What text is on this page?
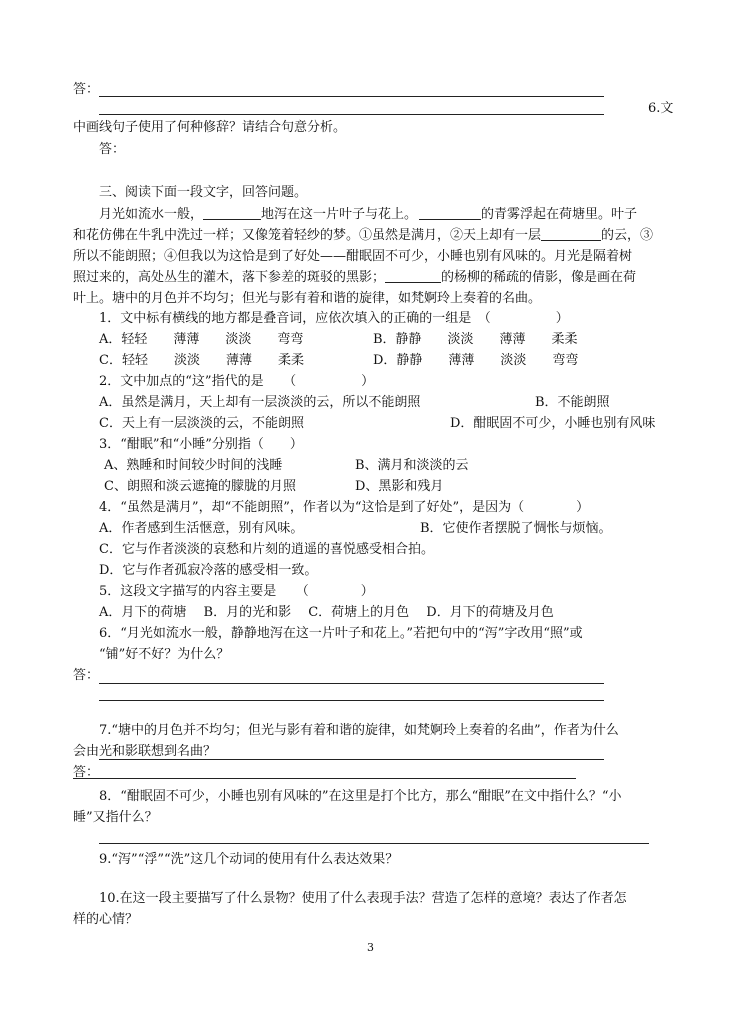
答：
6.文
中画线句子使用了何种修辞？请结合句意分析。
答：
三、阅读下面一段文字，回答问题。
月光如流水一般，	地泻在这一片叶子与花上。	的青雾浮起在荷塘里。叶子
和花仿佛在牛乳中洗过一样；又像笼着轻纱的梦。①虽然是满月，②天上却有一层	的云，③
所以不能朗照；④但我以为这恰是到了好处——酣眠固不可少，小睡也别有风味的。月光是隔着树
照过来的，高处丛生的灌木，落下参差的斑驳的黑影；	的杨柳的稀疏的倩影，像是画在荷
叶上。塘中的月色并不均匀；但光与影有着和谐的旋律，如梵婀玲上奏着的名曲。
1．文中标有横线的地方都是叠音词，应依次填入的正确的一组是　（　　　　　）
A．轻轻　　薄薄　　淡淡　　弯弯	B．静静　　淡淡　　薄薄　　柔柔
C．轻轻　　淡淡　　薄薄　　柔柔	D．静静　　薄薄　　淡淡　　弯弯
2．文中加点的“这”指代的是　　（　　　　　）
A．虽然是满月，天上却有一层淡淡的云，所以不能朗照	B．不能朗照
C．天上有一层淡淡的云，不能朗照	D．酣眠固不可少，小睡也别有风味
3．“酣眠”和“小睡”分别指（　　）
A、熟睡和时间较少时间的浅睡	B、满月和淡淡的云
C、朗照和淡云遮掩的朦胧的月照	D、黑影和残月
4．“虽然是满月”，却“不能朗照”，作者以为“这恰是到了好处”，是因为（　　　　）
A．作者感到生活惬意，别有风味。	B．它使作者摆脱了惆怅与烦恼。
C．它与作者淡淡的哀愁和片刻的逍遥的喜悦感受相合拍。
D．它与作者孤寂冷落的感受相一致。
5．这段文字描写的内容主要是　　（　　　　）
A．月下的荷塘　 B．月的光和影　 C．荷塘上的月色　 D．月下的荷塘及月色
6．“月光如流水一般，静静地泻在这一片叶子和花上。”若把句中的“泻”字改用“照”或
“铺”好不好？为什么？
答：
7.“塘中的月色并不均匀；但光与影有着和谐的旋律，如梵婀玲上奏着的名曲”，作者为什么
会由光和影联想到名曲？
答：
8．“酣眠固不可少，小睡也别有风味的”在这里是打个比方，那么“酣眠”在文中指什么？“小
睡”又指什么？
9.“泻”“浮”“洗”这几个动词的使用有什么表达效果？
10.在这一段主要描写了什么景物？使用了什么表现手法？营造了怎样的意境？表达了作者怎
样的心情？
3
